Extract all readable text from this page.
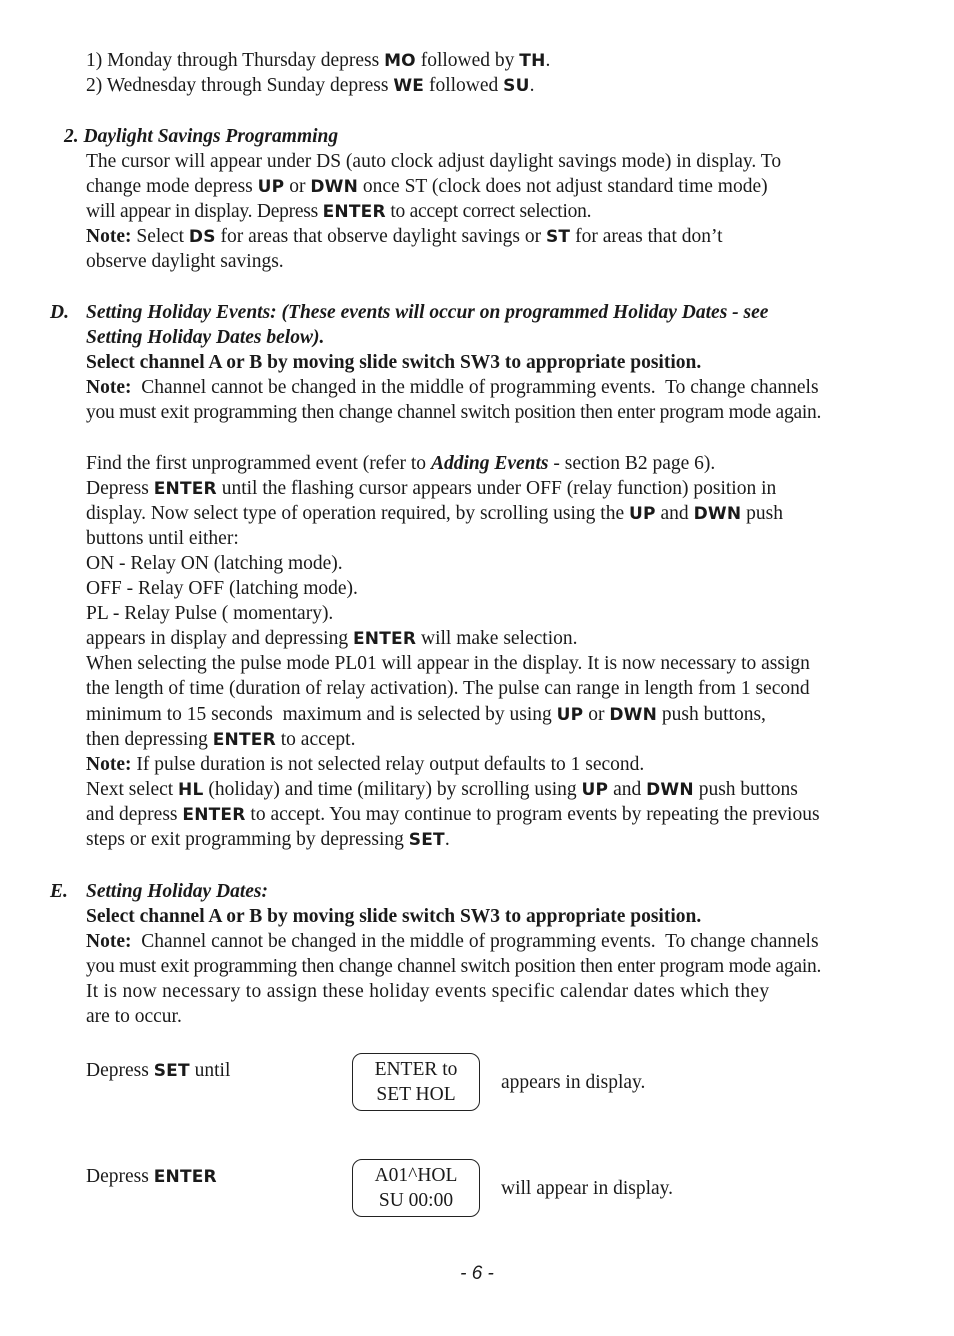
1) Monday through Thursday depress MO followed by TH.
2) Wednesday through Sunday depress WE followed SU.
2. Daylight Savings Programming
The cursor will appear under DS (auto clock adjust daylight savings mode) in display. To
change mode depress UP or DWN once ST (clock does not adjust standard time mode)
will appear in display. Depress ENTER to accept correct selection.
Note: Select DS for areas that observe daylight savings or ST for areas that don’t
observe daylight savings.
D. Setting Holiday Events: (These events will occur on programmed Holiday Dates - see
Setting Holiday Dates below).
Select channel A or B by moving slide switch SW3 to appropriate position.
Note:  Channel cannot be changed in the middle of programming events.  To change channels
you must exit programming then change channel switch position then enter program mode again.
Find the first unprogrammed event (refer to Adding Events - section B2 page 6).
Depress ENTER until the flashing cursor appears under OFF (relay function) position in
display. Now select type of operation required, by scrolling using the UP and DWN push
buttons until either:
ON - Relay ON (latching mode).
OFF - Relay OFF (latching mode).
PL - Relay Pulse ( momentary).
appears in display and depressing ENTER will make selection.
When selecting the pulse mode PL01 will appear in the display. It is now necessary to assign
the length of time (duration of relay activation). The pulse can range in length from 1 second
minimum to 15 seconds  maximum and is selected by using UP or DWN push buttons,
then depressing ENTER to accept.
Note: If pulse duration is not selected relay output defaults to 1 second.
Next select HL (holiday) and time (military) by scrolling using UP and DWN push buttons
and depress ENTER to accept. You may continue to program events by repeating the previous
steps or exit programming by depressing SET.
E. Setting Holiday Dates:
Select channel A or B by moving slide switch SW3 to appropriate position.
Note:  Channel cannot be changed in the middle of programming events.  To change channels
you must exit programming then change channel switch position then enter program mode again.
It is now necessary to assign these holiday events specific calendar dates which they
are to occur.
Depress SET until	ENTER to
SET HOL
appears in display.
Depress ENTER	A01^HOL
SU 00:00
will appear in display.
- 6 -
